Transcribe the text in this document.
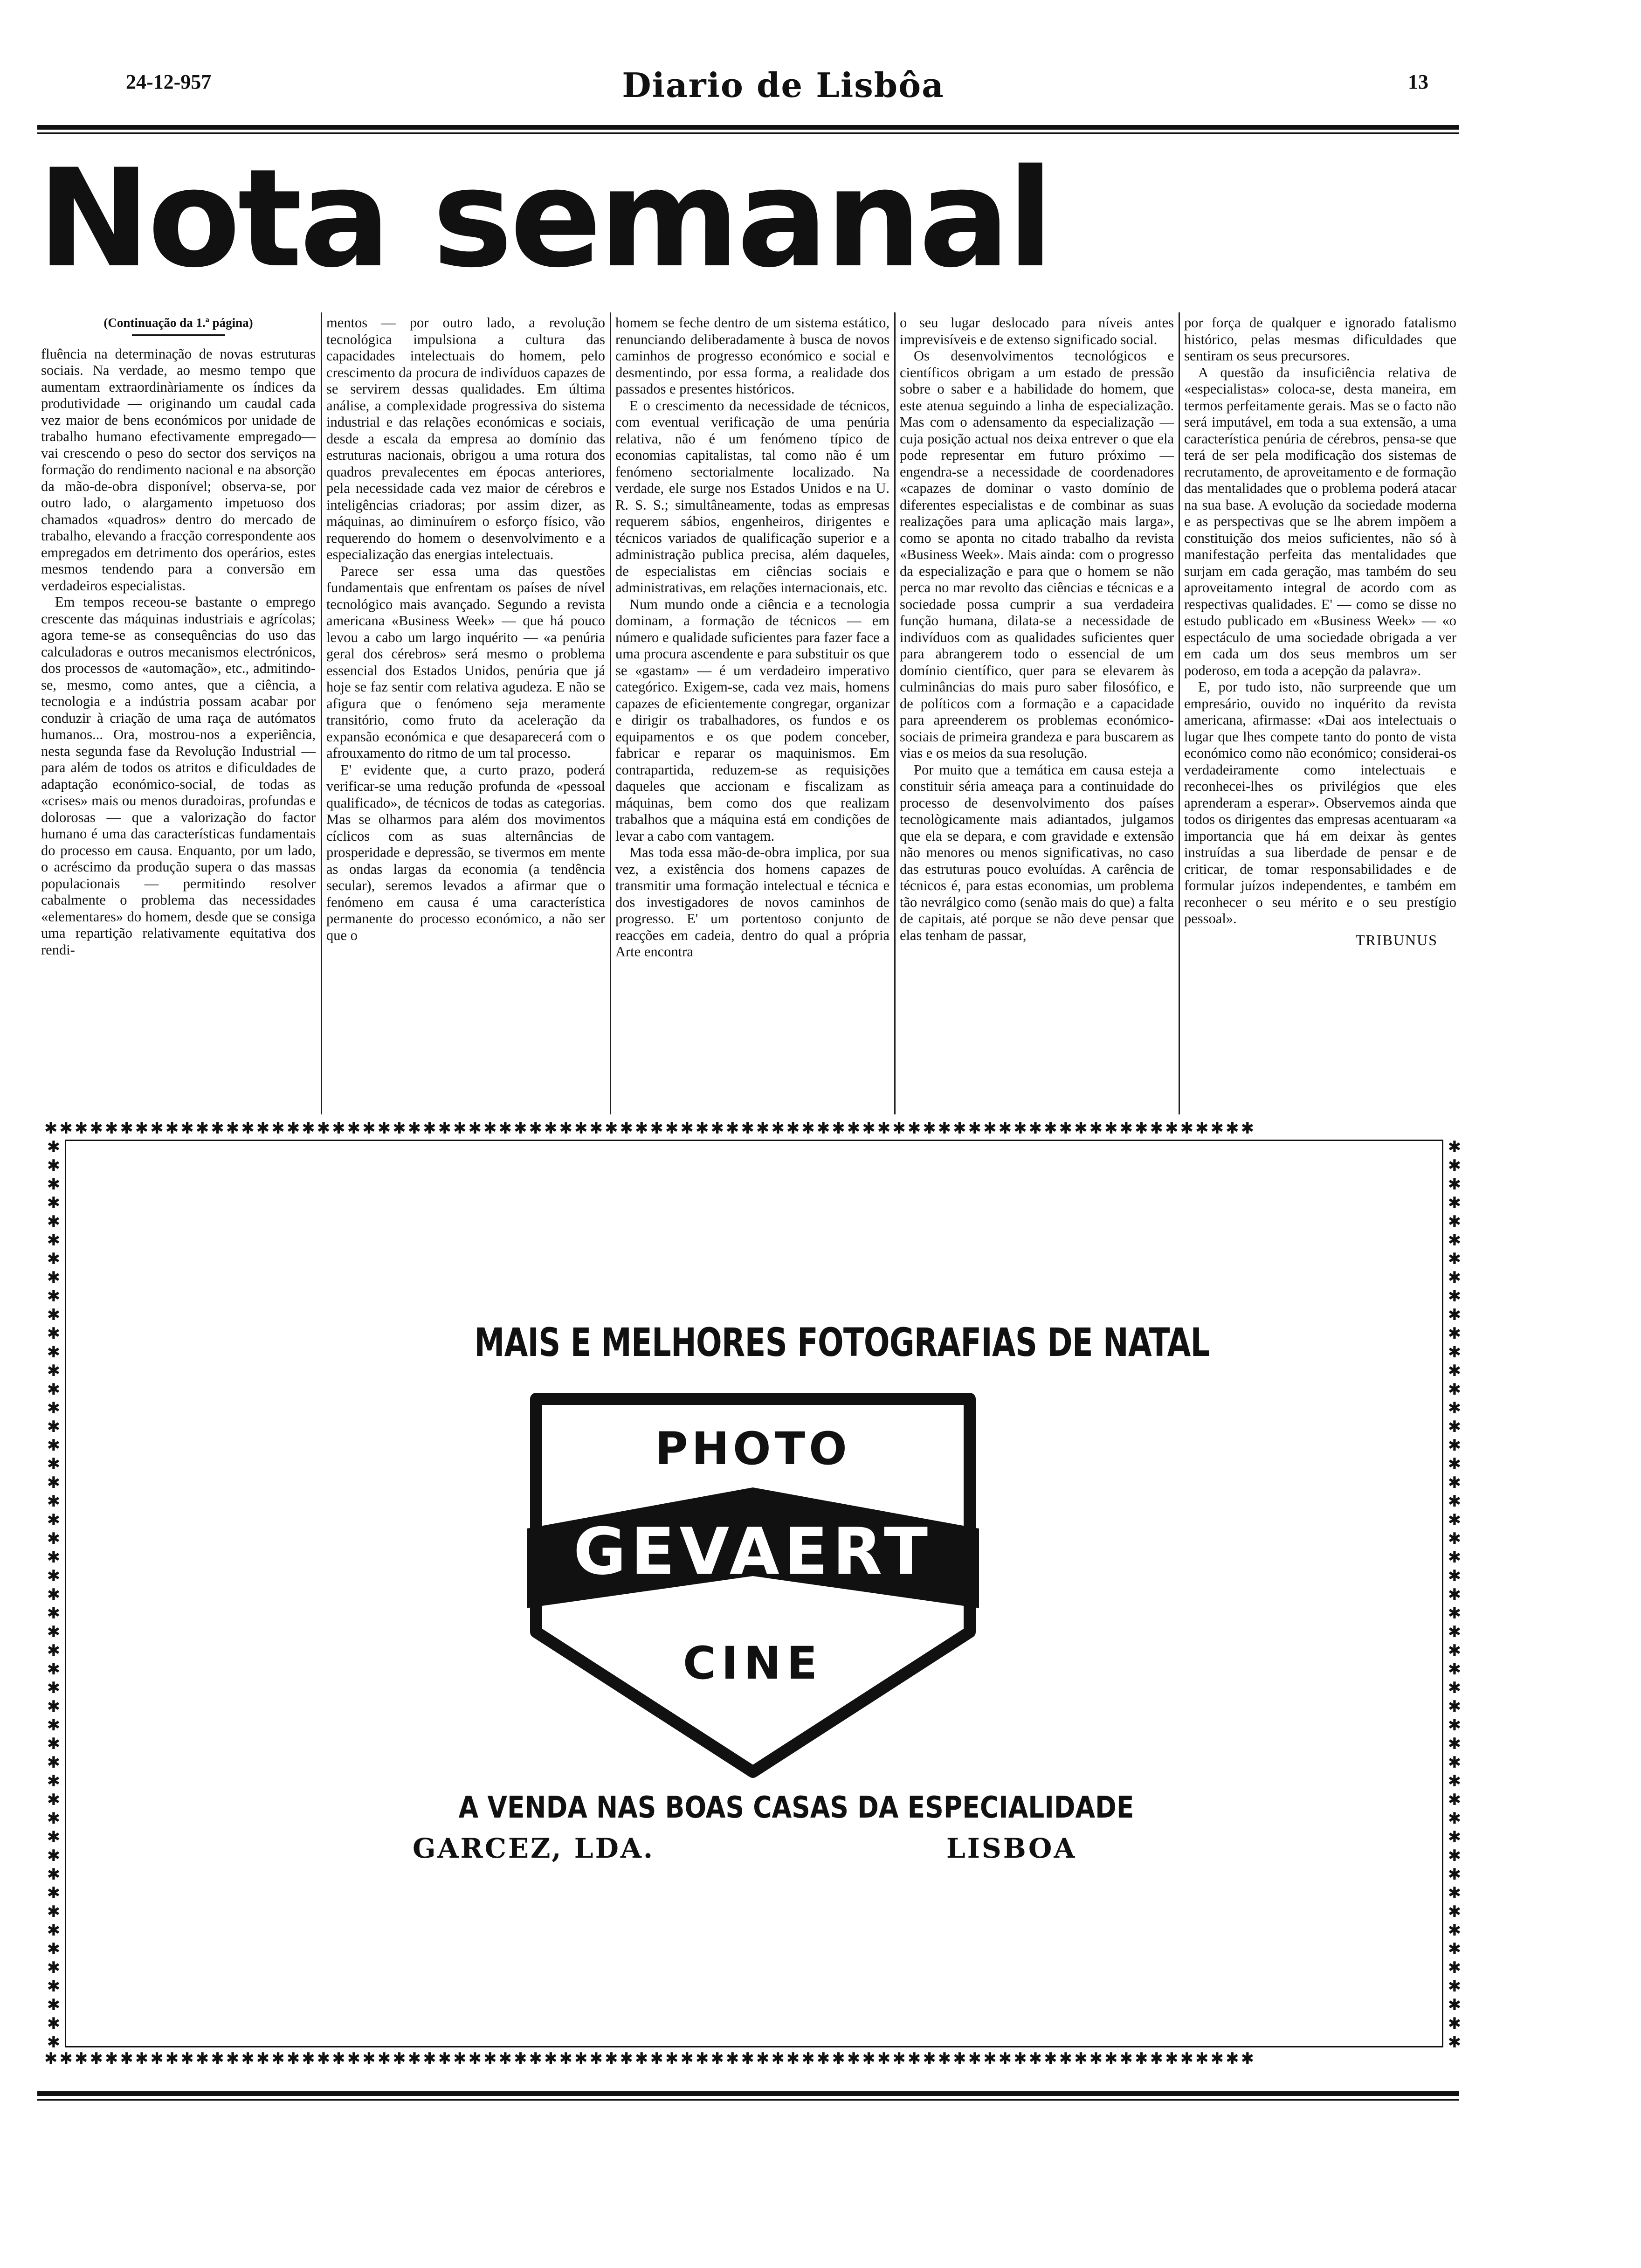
24-12-957	Diario de Lisbôa	13
Nota semanal
(Continuação da 1.ª página)

fluência na determinação de novas estruturas sociais. Na verdade, ao mesmo tempo que aumentam extraordinàriamente os índices da produtividade — originando um caudal cada vez maior de bens económicos por unidade de trabalho humano efectivamente empregado—vai crescendo o peso do sector dos serviços na formação do rendimento nacional e na absorção da mão-de-obra disponível; observa-se, por outro lado, o alargamento impetuoso dos chamados «quadros» dentro do mercado de trabalho, elevando a fracção correspondente aos empregados em detrimento dos operários, estes mesmos tendendo para a conversão em verdadeiros especialistas.

Em tempos receou-se bastante o emprego crescente das máquinas industriais e agrícolas; agora teme-se as consequências do uso das calculadoras e outros mecanismos electrónicos, dos processos de «automação», etc., admitindo-se, mesmo, como antes, que a ciência, a tecnologia e a indústria possam acabar por conduzir à criação de uma raça de autómatos humanos... Ora, mostrou-nos a experiência, nesta segunda fase da Revolução Industrial — para além de todos os atritos e dificuldades de adaptação económico-social, de todas as «crises» mais ou menos duradoiras, profundas e dolorosas — que a valorização do factor humano é uma das características fundamentais do processo em causa. Enquanto, por um lado, o acréscimo da produção supera o das massas populacionais — permitindo resolver cabalmente o problema das necessidades «elementares» do homem, desde que se consiga uma repartição relativamente equitativa dos rendi-

mentos — por outro lado, a revolução tecnológica impulsiona a cultura das capacidades intelectuais do homem, pelo crescimento da procura de indivíduos capazes de se servirem dessas qualidades. Em última análise, a complexidade progressiva do sistema industrial e das relações económicas e sociais, desde a escala da empresa ao domínio das estruturas nacionais, obrigou a uma rotura dos quadros prevalecentes em épocas anteriores, pela necessidade cada vez maior de cérebros e inteligências criadoras; por assim dizer, as máquinas, ao diminuírem o esforço físico, vão requerendo do homem o desenvolvimento e a especialização das energias intelectuais.

Parece ser essa uma das questões fundamentais que enfrentam os países de nível tecnológico mais avançado. Segundo a revista americana «Business Week» — que há pouco levou a cabo um largo inquérito — «a penúria geral dos cérebros» será mesmo o problema essencial dos Estados Unidos, penúria que já hoje se faz sentir com relativa agudeza. E não se afigura que o fenómeno seja meramente transitório, como fruto da aceleração da expansão económica e que desaparecerá com o afrouxamento do ritmo de um tal processo.

E' evidente que, a curto prazo, poderá verificar-se uma redução profunda de «pessoal qualificado», de técnicos de todas as categorias. Mas se olharmos para além dos movimentos cíclicos com as suas alternâncias de prosperidade e depressão, se tivermos em mente as ondas largas da economia (a tendência secular), seremos levados a afirmar que o fenómeno em causa é uma característica permanente do processo económico, a não ser que o

homem se feche dentro de um sistema estático, renunciando deliberadamente à busca de novos caminhos de progresso económico e social e desmentindo, por essa forma, a realidade dos passados e presentes históricos.

E o crescimento da necessidade de técnicos, com eventual verificação de uma penúria relativa, não é um fenómeno típico de economias capitalistas, tal como não é um fenómeno sectorialmente localizado. Na verdade, ele surge nos Estados Unidos e na U. R. S. S.; simultâneamente, todas as empresas requerem sábios, engenheiros, dirigentes e técnicos variados de qualificação superior e a administração publica precisa, além daqueles, de especialistas em ciências sociais e administrativas, em relações internacionais, etc.

Num mundo onde a ciência e a tecnologia dominam, a formação de técnicos — em número e qualidade suficientes para fazer face a uma procura ascendente e para substituir os que se «gastam» — é um verdadeiro imperativo categórico. Exigem-se, cada vez mais, homens capazes de eficientemente congregar, organizar e dirigir os trabalhadores, os fundos e os equipamentos e os que podem conceber, fabricar e reparar os maquinismos. Em contrapartida, reduzem-se as requisições daqueles que accionam e fiscalizam as máquinas, bem como dos que realizam trabalhos que a máquina está em condições de levar a cabo com vantagem.

Mas toda essa mão-de-obra implica, por sua vez, a existência dos homens capazes de transmitir uma formação intelectual e técnica e dos investigadores de novos caminhos de progresso. E' um portentoso conjunto de reacções em cadeia, dentro do qual a própria Arte encontra

o seu lugar deslocado para níveis antes imprevisíveis e de extenso significado social.

Os desenvolvimentos tecnológicos e científicos obrigam a um estado de pressão sobre o saber e a habilidade do homem, que este atenua seguindo a linha de especialização. Mas com o adensamento da especialização — cuja posição actual nos deixa entrever o que ela pode representar em futuro próximo — engendra-se a necessidade de coordenadores «capazes de dominar o vasto domínio de diferentes especialistas e de combinar as suas realizações para uma aplicação mais larga», como se aponta no citado trabalho da revista «Business Week». Mais ainda: com o progresso da especialização e para que o homem se não perca no mar revolto das ciências e técnicas e a sociedade possa cumprir a sua verdadeira função humana, dilata-se a necessidade de indivíduos com as qualidades suficientes quer para abrangerem todo o essencial de um domínio científico, quer para se elevarem às culminâncias do mais puro saber filosófico, e de políticos com a formação e a capacidade para apreenderem os problemas económico-sociais de primeira grandeza e para buscarem as vias e os meios da sua resolução.

Por muito que a temática em causa esteja a constituir séria ameaça para a continuidade do processo de desenvolvimento dos países tecnològicamente mais adiantados, julgamos que ela se depara, e com gravidade e extensão não menores ou menos significativas, no caso das estruturas pouco evoluídas. A carência de técnicos é, para estas economias, um problema tão nevrálgico como (senão mais do que) a falta de capitais, até porque se não deve pensar que elas tenham de passar,

por força de qualquer e ignorado fatalismo histórico, pelas mesmas dificuldades que sentiram os seus precursores.

A questão da insuficiência relativa de «especialistas» coloca-se, desta maneira, em termos perfeitamente gerais. Mas se o facto não será imputável, em toda a sua extensão, a uma característica penúria de cérebros, pensa-se que terá de ser pela modificação dos sistemas de recrutamento, de aproveitamento e de formação das mentalidades que o problema poderá atacar na sua base. A evolução da sociedade moderna e as perspectivas que se lhe abrem impõem a constituição dos meios suficientes, não só à manifestação perfeita das mentalidades que surjam em cada geração, mas também do seu aproveitamento integral de acordo com as respectivas qualidades. E' — como se disse no estudo publicado em «Business Week» — «o espectáculo de uma sociedade obrigada a ver em cada um dos seus membros um ser poderoso, em toda a acepção da palavra».

E, por tudo isto, não surpreende que um empresário, ouvido no inquérito da revista americana, afirmasse: «Dai aos intelectuais o lugar que lhes compete tanto do ponto de vista económico como não económico; considerai-os verdadeiramente como intelectuais e reconhecei-lhes os privilégios que eles aprenderam a esperar». Observemos ainda que todos os dirigentes das empresas acentuaram «a importancia que há em deixar às gentes instruídas a sua liberdade de pensar e de criticar, de tomar responsabilidades e de formular juízos independentes, e também em reconhecer o seu mérito e o seu prestígio pessoal».

TRIBUNUS
✱✱✱✱✱✱✱✱✱✱✱✱✱✱✱✱✱✱✱✱✱✱✱✱✱✱✱✱✱✱✱✱✱✱✱✱✱✱✱✱✱✱✱✱✱✱✱✱✱✱✱✱✱✱✱✱✱✱✱✱✱✱✱✱✱✱✱✱✱✱✱✱✱✱✱✱✱✱✱✱
✱✱✱✱✱✱✱✱✱✱✱✱✱✱✱✱✱✱✱✱✱✱✱✱✱✱✱✱✱✱✱✱✱✱✱✱✱✱✱✱✱✱✱✱✱✱✱✱✱✱✱✱✱✱✱✱✱✱✱✱✱✱✱✱✱✱✱✱✱✱✱✱✱✱✱✱✱✱✱✱
✱✱✱✱✱✱✱✱✱✱✱✱✱✱✱✱✱✱✱✱✱✱✱✱✱✱✱✱✱✱✱✱✱✱✱✱✱✱✱✱✱✱✱✱✱✱✱✱✱
✱✱✱✱✱✱✱✱✱✱✱✱✱✱✱✱✱✱✱✱✱✱✱✱✱✱✱✱✱✱✱✱✱✱✱✱✱✱✱✱✱✱✱✱✱✱✱✱✱
MAIS E MELHORES FOTOGRAFIAS DE NATAL
PHOTO
GEVAERT
CINE
A VENDA NAS BOAS CASAS DA ESPECIALIDADE
GARCEZ, LDA.	LISBOA
